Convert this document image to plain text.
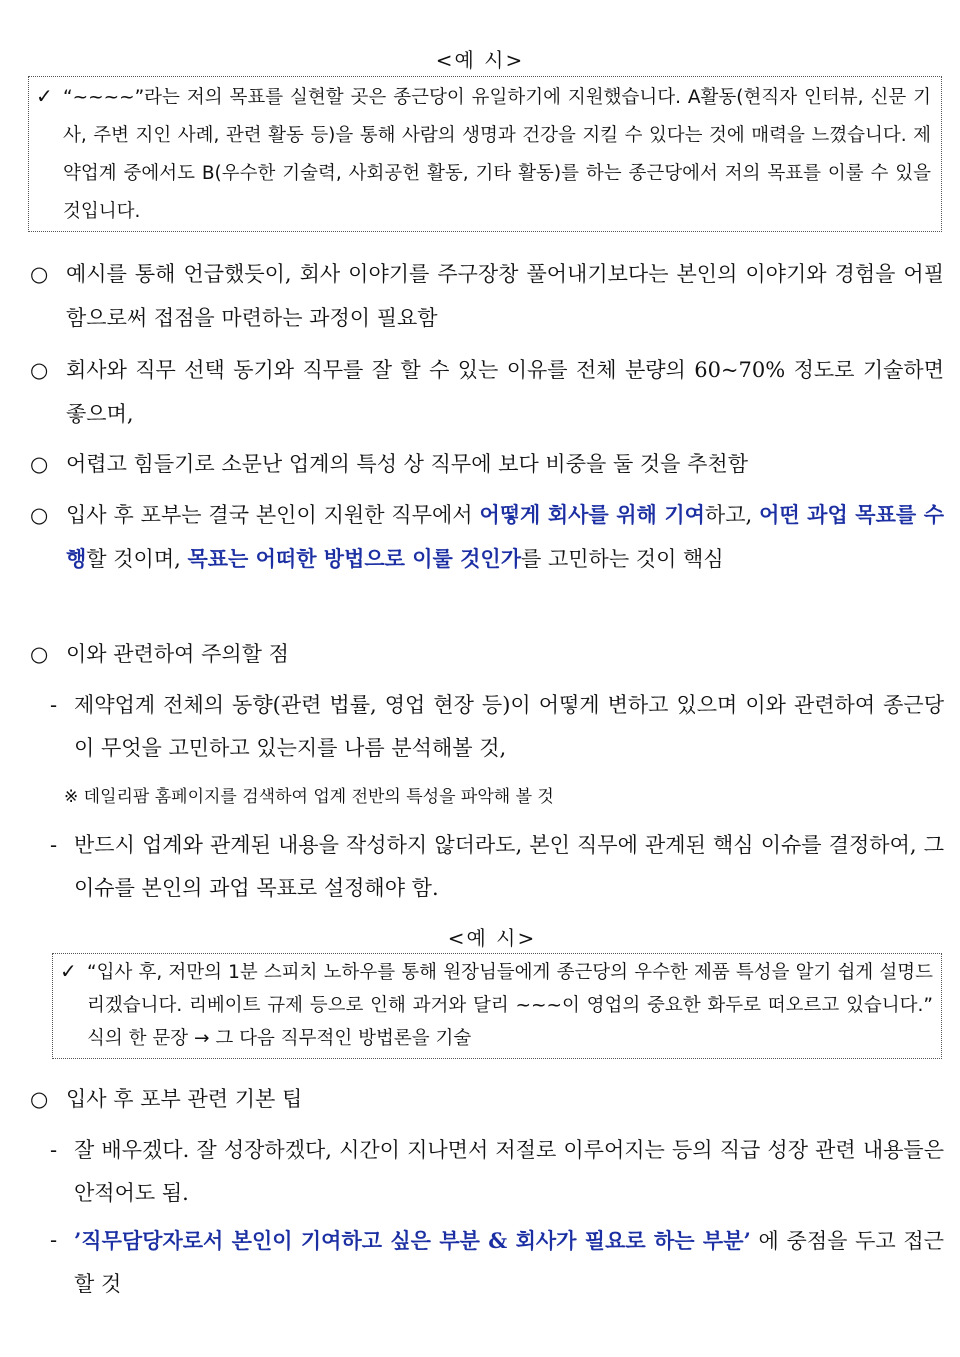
<예 시>
✓ “~~~~”라는 저의 목표를 실현할 곳은 종근당이 유일하기에 지원했습니다. A활동(현직자 인터뷰, 신문 기사, 주변 지인 사례, 관련 활동 등)을 통해 사람의 생명과 건강을 지킬 수 있다는 것에 매력을 느꼈습니다. 제약업계 중에서도 B(우수한 기술력, 사회공헌 활동, 기타 활동)를 하는 종근당에서 저의 목표를 이룰 수 있을 것입니다.
○ 예시를 통해 언급했듯이, 회사 이야기를 주구장창 풀어내기보다는 본인의 이야기와 경험을 어필함으로써 접점을 마련하는 과정이 필요함
○ 회사와 직무 선택 동기와 직무를 잘 할 수 있는 이유를 전체 분량의 60~70% 정도로 기술하면 좋으며,
○ 어렵고 힘들기로 소문난 업계의 특성 상 직무에 보다 비중을 둘 것을 추천함
○ 입사 후 포부는 결국 본인이 지원한 직무에서 어떻게 회사를 위해 기여하고, 어떤 과업 목표를 수행할 것이며, 목표는 어떠한 방법으로 이룰 것인가를 고민하는 것이 핵심
○ 이와 관련하여 주의할 점
- 제약업계 전체의 동향(관련 법률, 영업 현장 등)이 어떻게 변하고 있으며 이와 관련하여 종근당이 무엇을 고민하고 있는지를 나름 분석해볼 것,
※ 데일리팜 홈페이지를 검색하여 업계 전반의 특성을 파악해 볼 것
- 반드시 업계와 관계된 내용을 작성하지 않더라도, 본인 직무에 관계된 핵심 이슈를 결정하여, 그 이슈를 본인의 과업 목표로 설정해야 함.
<예 시>
✓ “입사 후, 저만의 1분 스피치 노하우를 통해 원장님들에게 종근당의 우수한 제품 특성을 알기 쉽게 설명드리겠습니다. 리베이트 규제 등으로 인해 과거와 달리 ~~~이 영업의 중요한 화두로 떠오르고 있습니다.” 식의 한 문장 → 그 다음 직무적인 방법론을 기술
○ 입사 후 포부 관련 기본 팁
- 잘 배우겠다. 잘 성장하겠다, 시간이 지나면서 저절로 이루어지는 등의 직급 성장 관련 내용들은 안적어도 됨.
- ’직무담당자로서 본인이 기여하고 싶은 부분 & 회사가 필요로 하는 부분’ 에 중점을 두고 접근할 것
